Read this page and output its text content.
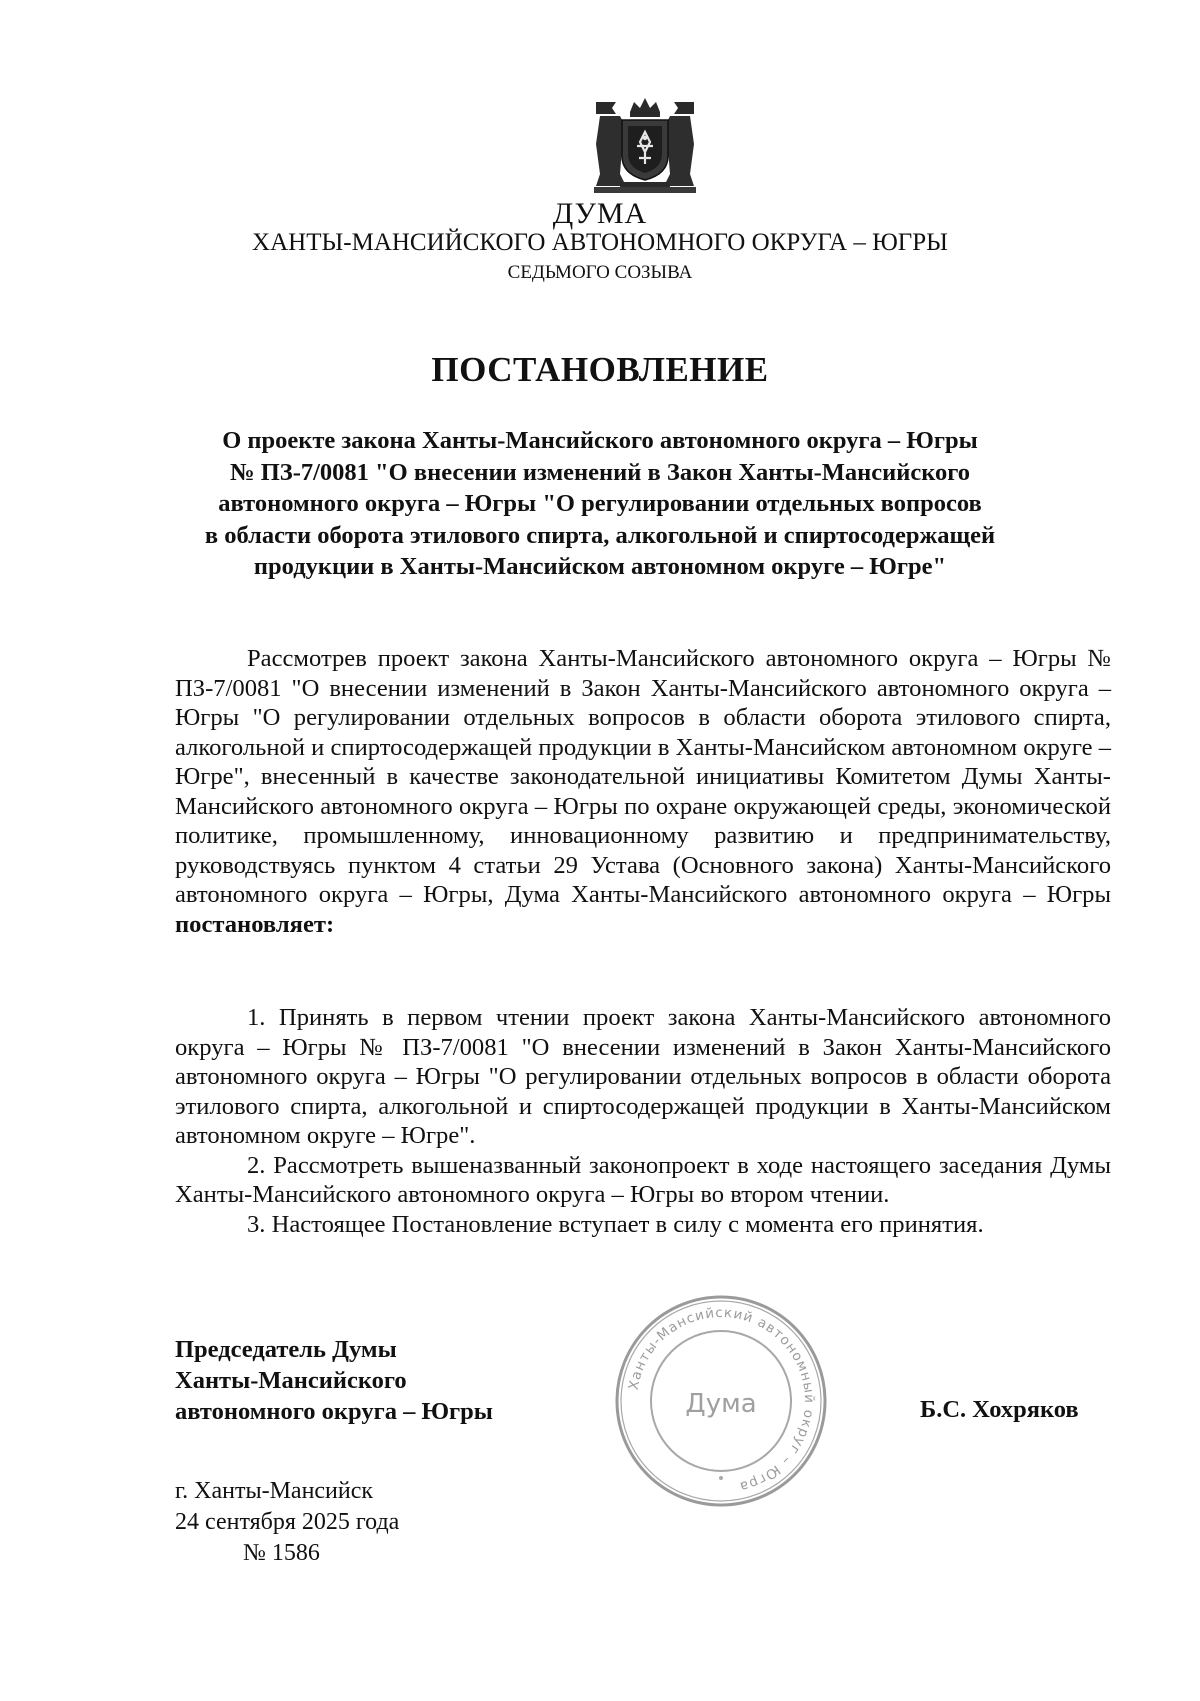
ДУМА
ХАНТЫ-МАНСИЙСКОГО АВТОНОМНОГО ОКРУГА – ЮГРЫ
СЕДЬМОГО СОЗЫВА
ПОСТАНОВЛЕНИЕ
О проекте закона Ханты-Мансийского автономного округа – Югры
№ ПЗ-7/0081 "О внесении изменений в Закон Ханты-Мансийского
автономного округа – Югры "О регулировании отдельных вопросов
в области оборота этилового спирта, алкогольной и спиртосодержащей
продукции в Ханты-Мансийском автономном округе – Югре"

Рассмотрев проект закона Ханты-Мансийского автономного округа – Югры № ПЗ-7/0081 "О внесении изменений в Закон Ханты-Мансийского автономного округа – Югры "О регулировании отдельных вопросов в области оборота этилового спирта, алкогольной и спиртосодержащей продукции в Ханты-Мансийском автономном округе – Югре", внесенный в качестве законодательной инициативы Комитетом Думы Ханты-Мансийского автономного округа – Югры по охране окружающей среды, экономической политике, промышленному, инновационному развитию и предпринимательству, руководствуясь пунктом 4 статьи 29 Устава (Основного закона) Ханты-Мансийского автономного округа – Югры, Дума Ханты-Мансийского автономного округа – Югры постановляет:

1. Принять в первом чтении проект закона Ханты-Мансийского автономного округа – Югры № ПЗ-7/0081 "О внесении изменений в Закон Ханты-Мансийского автономного округа – Югры "О регулировании отдельных вопросов в области оборота этилового спирта, алкогольной и спиртосодержащей продукции в Ханты-Мансийском автономном округе – Югре".

2. Рассмотреть вышеназванный законопроект в ходе настоящего заседания Думы Ханты-Мансийского автономного округа – Югры во втором чтении.

3. Настоящее Постановление вступает в силу с момента его принятия.

Председатель Думы
Ханты-Мансийского
автономного округа – Югры
Ханты-Мансийский автономный округ – Югра
Дума	Б.С. Хохряков
г. Ханты-Мансийск
24 сентября 2025 года
№ 1586
